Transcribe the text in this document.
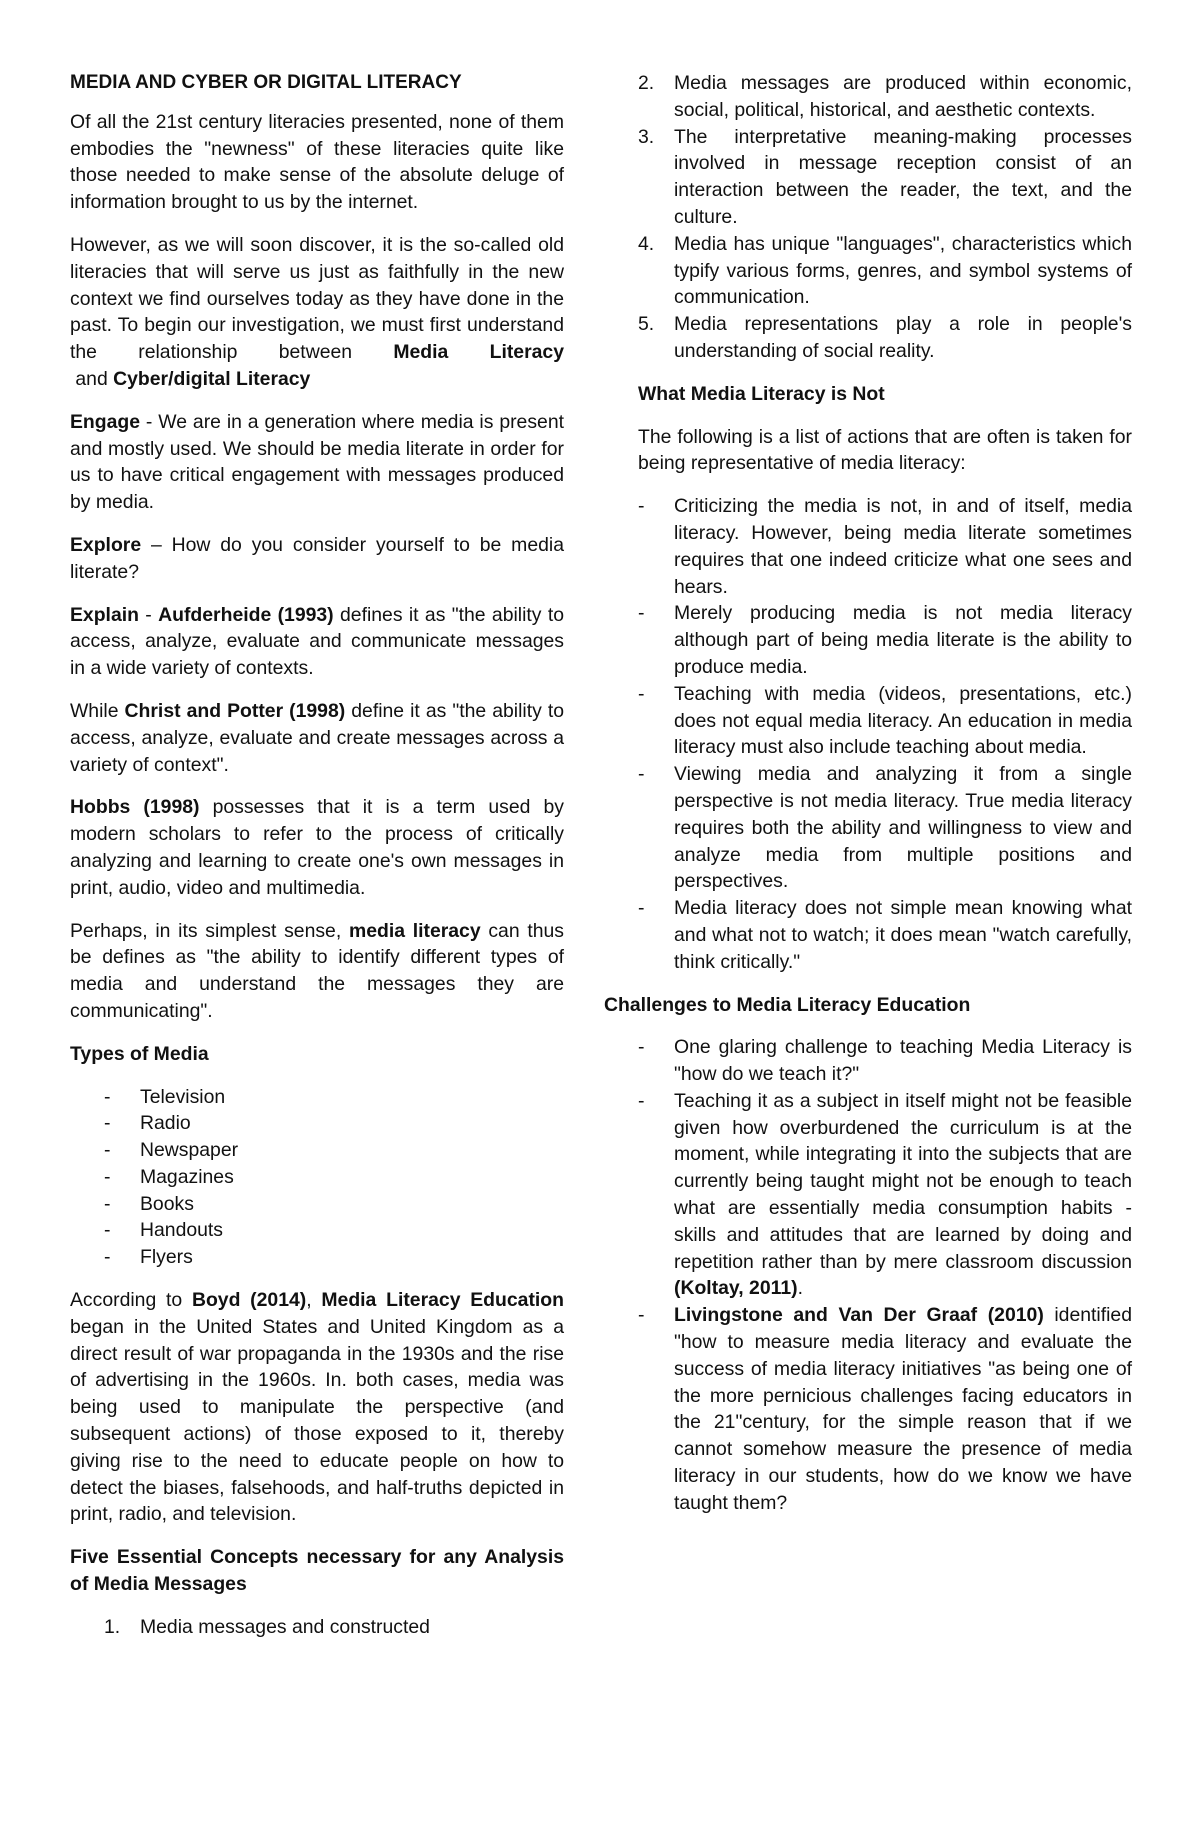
MEDIA AND CYBER OR DIGITAL LITERACY

Of all the 21st century literacies presented, none of them embodies the "newness" of these literacies quite like those needed to make sense of the absolute deluge of information brought to us by the internet.

However, as we will soon discover, it is the so-called old literacies that will serve us just as faithfully in the new context we find ourselves today as they have done in the past. To begin our investigation, we must first understand the relationship between Media Literacy and Cyber/digital Literacy

Engage - We are in a generation where media is present and mostly used. We should be media literate in order for us to have critical engagement with messages produced by media.

Explore – How do you consider yourself to be media literate?

Explain - Aufderheide (1993) defines it as "the ability to access, analyze, evaluate and communicate messages in a wide variety of contexts.

While Christ and Potter (1998) define it as "the ability to access, analyze, evaluate and create messages across a variety of context".

Hobbs (1998) possesses that it is a term used by modern scholars to refer to the process of critically analyzing and learning to create one's own messages in print, audio, video and multimedia.

Perhaps, in its simplest sense, media literacy can thus be defines as "the ability to identify different types of media and understand the messages they are communicating".

Types of Media
- Television
- Radio
- Newspaper
- Magazines
- Books
- Handouts
- Flyers

According to Boyd (2014), Media Literacy Education began in the United States and United Kingdom as a direct result of war propaganda in the 1930s and the rise of advertising in the 1960s. In. both cases, media was being used to manipulate the perspective (and subsequent actions) of those exposed to it, thereby giving rise to the need to educate people on how to detect the biases, falsehoods, and half-truths depicted in print, radio, and television.

Five Essential Concepts necessary for any Analysis of Media Messages
1. Media messages and constructed
2. Media messages are produced within economic, social, political, historical, and aesthetic contexts.
3. The interpretative meaning-making processes involved in message reception consist of an interaction between the reader, the text, and the culture.
4. Media has unique "languages", characteristics which typify various forms, genres, and symbol systems of communication.
5. Media representations play a role in people's understanding of social reality.
What Media Literacy is Not

The following is a list of actions that are often is taken for being representative of media literacy:

- Criticizing the media is not, in and of itself, media literacy. However, being media literate sometimes requires that one indeed criticize what one sees and hears.
- Merely producing media is not media literacy although part of being media literate is the ability to produce media.
- Teaching with media (videos, presentations, etc.) does not equal media literacy. An education in media literacy must also include teaching about media.
- Viewing media and analyzing it from a single perspective is not media literacy. True media literacy requires both the ability and willingness to view and analyze media from multiple positions and perspectives.
- Media literacy does not simple mean knowing what and what not to watch; it does mean "watch carefully, think critically."
Challenges to Media Literacy Education
- One glaring challenge to teaching Media Literacy is "how do we teach it?"
- Teaching it as a subject in itself might not be feasible given how overburdened the curriculum is at the moment, while integrating it into the subjects that are currently being taught might not be enough to teach what are essentially media consumption habits - skills and attitudes that are learned by doing and repetition rather than by mere classroom discussion (Koltay, 2011).
- Livingstone and Van Der Graaf (2010) identified "how to measure media literacy and evaluate the success of media literacy initiatives "as being one of the more pernicious challenges facing educators in the 21"century, for the simple reason that if we cannot somehow measure the presence of media literacy in our students, how do we know we have taught them?
